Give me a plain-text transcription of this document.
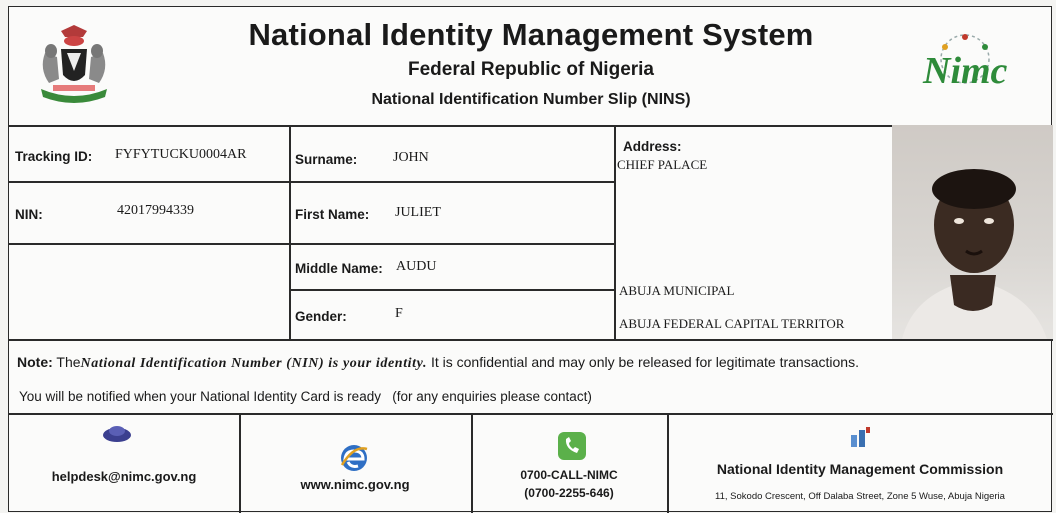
National Identity Management System
Federal Republic of Nigeria
National Identification Number Slip (NINS)
Nimc
Tracking ID: FYFYTUCKU0004AR
NIN:	42017994339
Surname:	JOHN
First Name: JULIET
Middle Name: AUDU
Gender:	F
Address:
CHIEF PALACE
ABUJA MUNICIPAL
ABUJA FEDERAL CAPITAL TERRITOR
Note: TheNational Identification Number (NIN) is your identity. It is confidential and may only be released for legitimate transactions.
You will be notified when your National Identity Card is ready   (for any enquiries please contact)
helpdesk@nimc.gov.ng
www.nimc.gov.ng
0700-CALL-NIMC
(0700-2255-646)
National Identity Management Commission
11, Sokodo Crescent, Off Dalaba Street, Zone 5 Wuse, Abuja Nigeria
